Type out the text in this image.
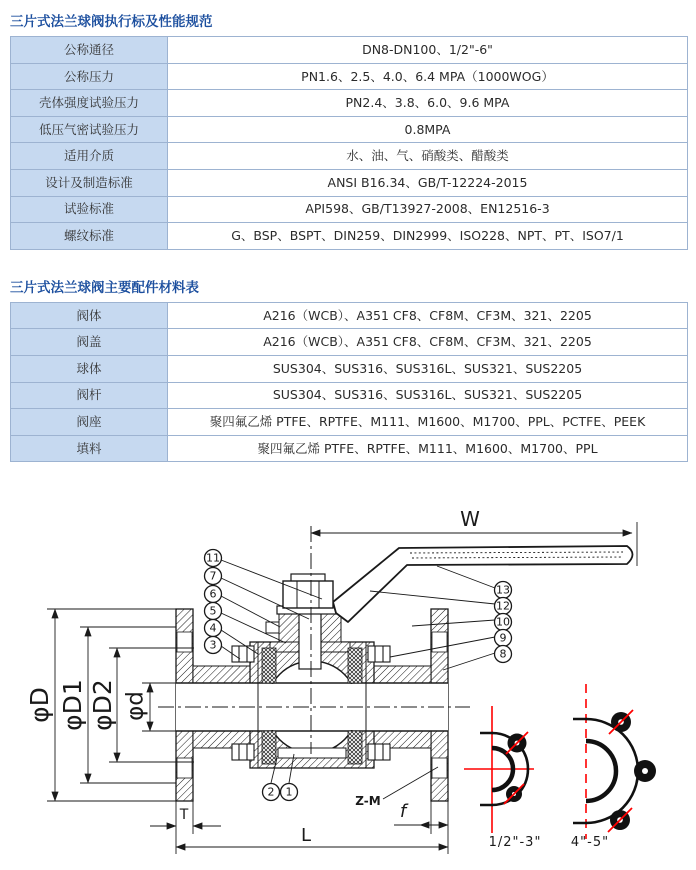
三片式法兰球阀执行标及性能规范
公称通径	DN8-DN100、1/2"-6"
公称压力	PN1.6、2.5、4.0、6.4 MPA（1000WOG）
壳体强度试验压力	PN2.4、3.8、6.0、9.6 MPA
低压气密试验压力	0.8MPA
适用介质	水、油、气、硝酸类、醋酸类
设计及制造标准	ANSI B16.34、GB/T-12224-2015
试验标准	API598、GB/T13927-2008、EN12516-3
螺纹标准	G、BSP、BSPT、DIN259、DIN2999、ISO228、NPT、PT、ISO7/1
三片式法兰球阀主要配件材料表
阀体	A216（WCB）、A351 CF8、CF8M、CF3M、321、2205
阀盖	A216（WCB）、A351 CF8、CF8M、CF3M、321、2205
球体	SUS304、SUS316、SUS316L、SUS321、SUS2205
阀杆	SUS304、SUS316、SUS316L、SUS321、SUS2205
阀座	聚四氟乙烯 PTFE、RPTFE、M111、M1600、M1700、PPL、PCTFE、PEEK
填料	聚四氟乙烯 PTFE、RPTFE、M111、M1600、M1700、PPL
W
φD φD1 φD2 φd
T
L
f
Z-M
11
7
6
5
4
3
13
12
10
9
8
2 1
1/2"-3" 4"-5"
